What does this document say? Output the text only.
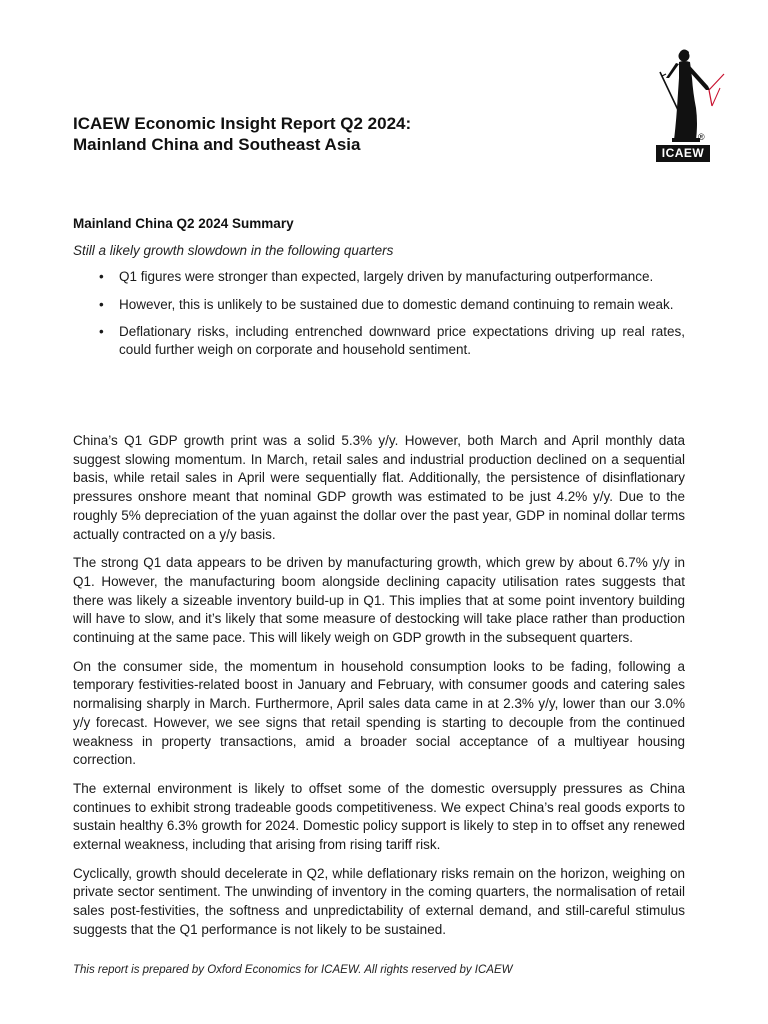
ICAEW Economic Insight Report Q2 2024:
Mainland China and Southeast Asia	®
ICAEW
Mainland China Q2 2024 Summary
Still a likely growth slowdown in the following quarters
• Q1 figures were stronger than expected, largely driven by manufacturing outperformance.
• However, this is unlikely to be sustained due to domestic demand continuing to remain weak.
• Deflationary risks, including entrenched downward price expectations driving up real rates, could further weigh on corporate and household sentiment.

China’s Q1 GDP growth print was a solid 5.3% y/y. However, both March and April monthly data suggest slowing momentum. In March, retail sales and industrial production declined on a sequential basis, while retail sales in April were sequentially flat. Additionally, the persistence of disinflationary pressures onshore meant that nominal GDP growth was estimated to be just 4.2% y/y. Due to the roughly 5% depreciation of the yuan against the dollar over the past year, GDP in nominal dollar terms actually contracted on a y/y basis.

The strong Q1 data appears to be driven by manufacturing growth, which grew by about 6.7% y/y in Q1. However, the manufacturing boom alongside declining capacity utilisation rates suggests that there was likely a sizeable inventory build-up in Q1. This implies that at some point inventory building will have to slow, and it’s likely that some measure of destocking will take place rather than production continuing at the same pace. This will likely weigh on GDP growth in the subsequent quarters.

On the consumer side, the momentum in household consumption looks to be fading, following a temporary festivities-related boost in January and February, with consumer goods and catering sales normalising sharply in March. Furthermore, April sales data came in at 2.3% y/y, lower than our 3.0% y/y forecast. However, we see signs that retail spending is starting to decouple from the continued weakness in property transactions, amid a broader social acceptance of a multiyear housing correction.

The external environment is likely to offset some of the domestic oversupply pressures as China continues to exhibit strong tradeable goods competitiveness. We expect China’s real goods exports to sustain healthy 6.3% growth for 2024. Domestic policy support is likely to step in to offset any renewed external weakness, including that arising from rising tariff risk.

Cyclically, growth should decelerate in Q2, while deflationary risks remain on the horizon, weighing on private sector sentiment. The unwinding of inventory in the coming quarters, the normalisation of retail sales post-festivities, the softness and unpredictability of external demand, and still-careful stimulus suggests that the Q1 performance is not likely to be sustained.

This report is prepared by Oxford Economics for ICAEW. All rights reserved by ICAEW
